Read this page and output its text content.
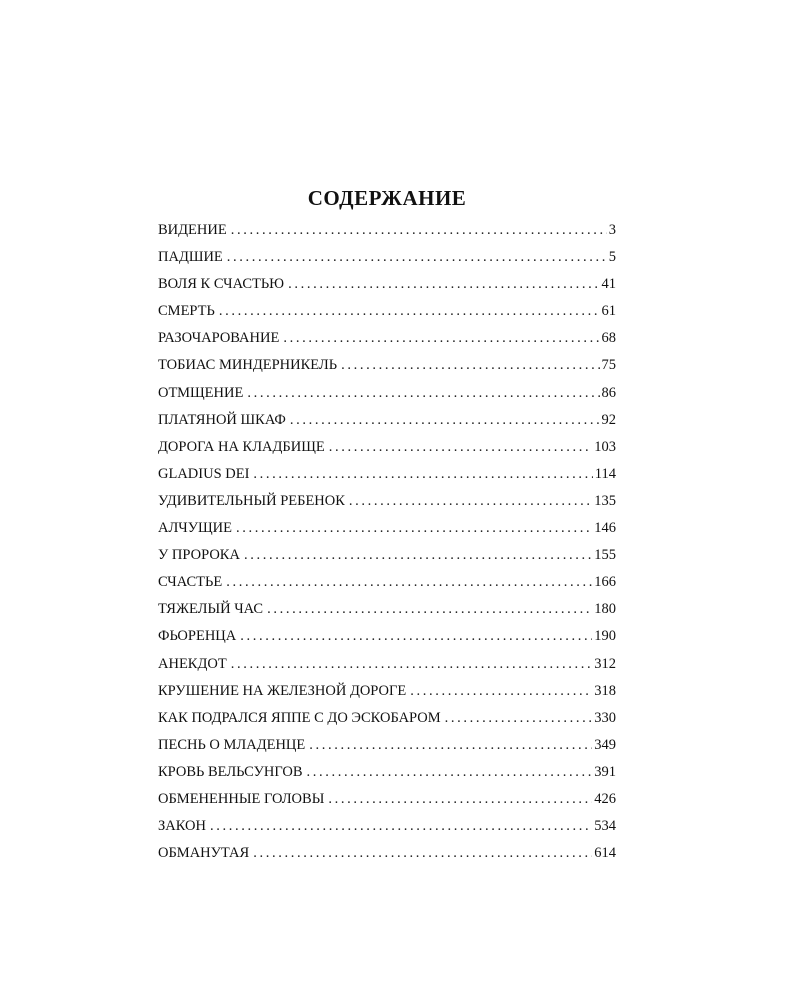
СОДЕРЖАНИЕ
ВИДЕНИЕ . . .	3
ПАДШИЕ . . .	5
ВОЛЯ К СЧАСТЬЮ . . .	41
СМЕРТЬ . . .	61
РАЗОЧАРОВАНИЕ . . .	68
ТОБИАС МИНДЕРНИКЕЛЬ . . .	75
ОТМЩЕНИЕ . . .	86
ПЛАТЯНОЙ ШКАФ . . .	92
ДОРОГА НА КЛАДБИЩЕ . . .	103
GLADIUS DEI . . .	114
УДИВИТЕЛЬНЫЙ РЕБЕНОК . . .	135
АЛЧУЩИЕ . . .	146
У ПРОРОКА . . .	155
СЧАСТЬЕ . . .	166
ТЯЖЕЛЫЙ ЧАС . . .	180
ФЬОРЕНЦА . . .	190
АНЕКДОТ . . .	312
КРУШЕНИЕ НА ЖЕЛЕЗНОЙ ДОРОГЕ . . .	318
КАК ПОДРАЛСЯ ЯППЕ С ДО ЭСКОБАРОМ . . .	330
ПЕСНЬ О МЛАДЕНЦЕ . . .	349
КРОВЬ ВЕЛЬСУНГОВ . . .	391
ОБМЕНЕННЫЕ ГОЛОВЫ . . .	426
ЗАКОН . . .	534
ОБМАНУТАЯ . . .	614
